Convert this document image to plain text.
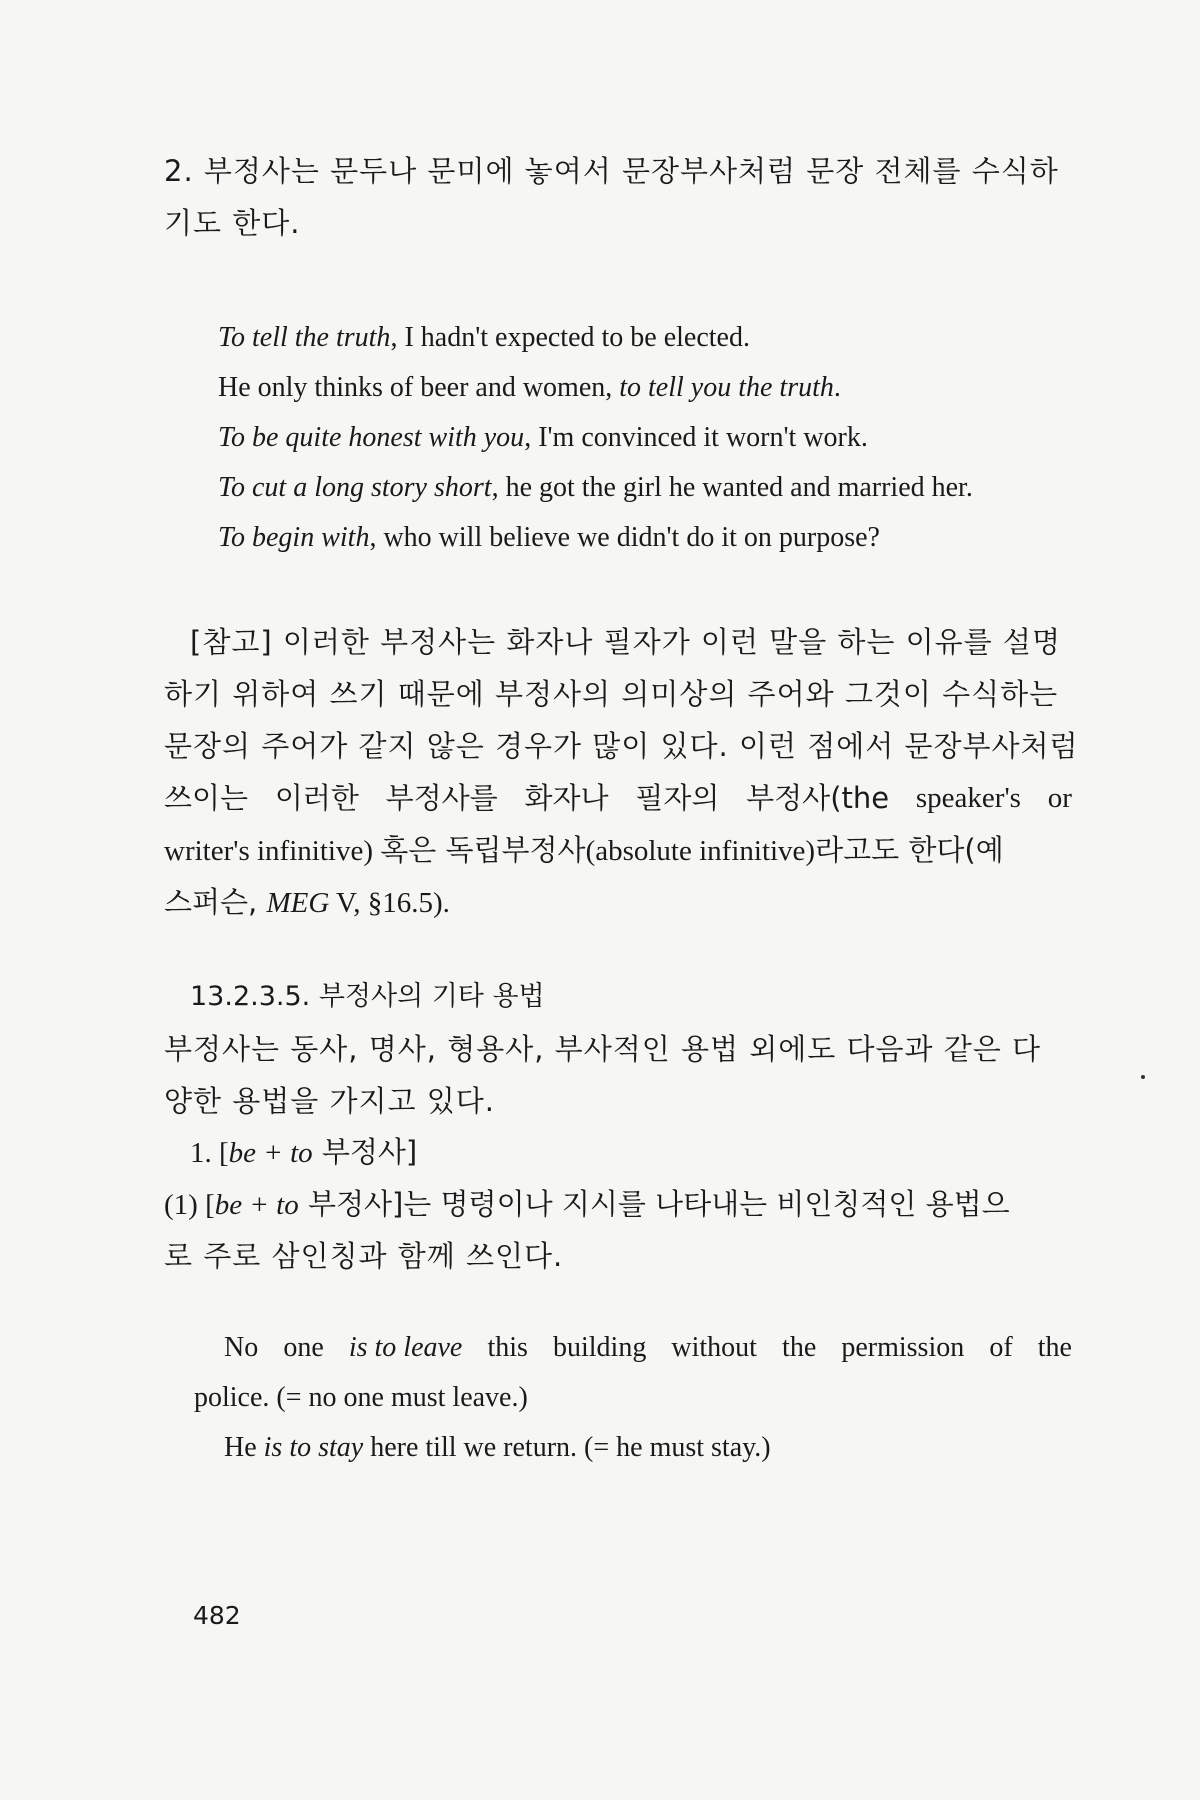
2. 부정사는 문두나 문미에 놓여서 문장부사처럼 문장 전체를 수식하
기도 한다.
To tell the truth, I hadn't expected to be elected.
He only thinks of beer and women, to tell you the truth.
To be quite honest with you, I'm convinced it worn't work.
To cut a long story short, he got the girl he wanted and married her.
To begin with, who will believe we didn't do it on purpose?
[참고] 이러한 부정사는 화자나 필자가 이런 말을 하는 이유를 설명
하기 위하여 쓰기 때문에 부정사의 의미상의 주어와 그것이 수식하는
문장의 주어가 같지 않은 경우가 많이 있다. 이런 점에서 문장부사처럼
쓰이는 이러한 부정사를 화자나 필자의 부정사(the speaker's or
writer's infinitive) 혹은 독립부정사(absolute infinitive)라고도 한다(예
스퍼슨, MEG V, §16.5).
13.2.3.5. 부정사의 기타 용법
부정사는 동사, 명사, 형용사, 부사적인 용법 외에도 다음과 같은 다
양한 용법을 가지고 있다.
1. [be + to 부정사]
(1) [be + to 부정사]는 명령이나 지시를 나타내는 비인칭적인 용법으
로 주로 삼인칭과 함께 쓰인다.
No one is to leave this building without the permission of the
police. (= no one must leave.)
He is to stay here till we return. (= he must stay.)
482
